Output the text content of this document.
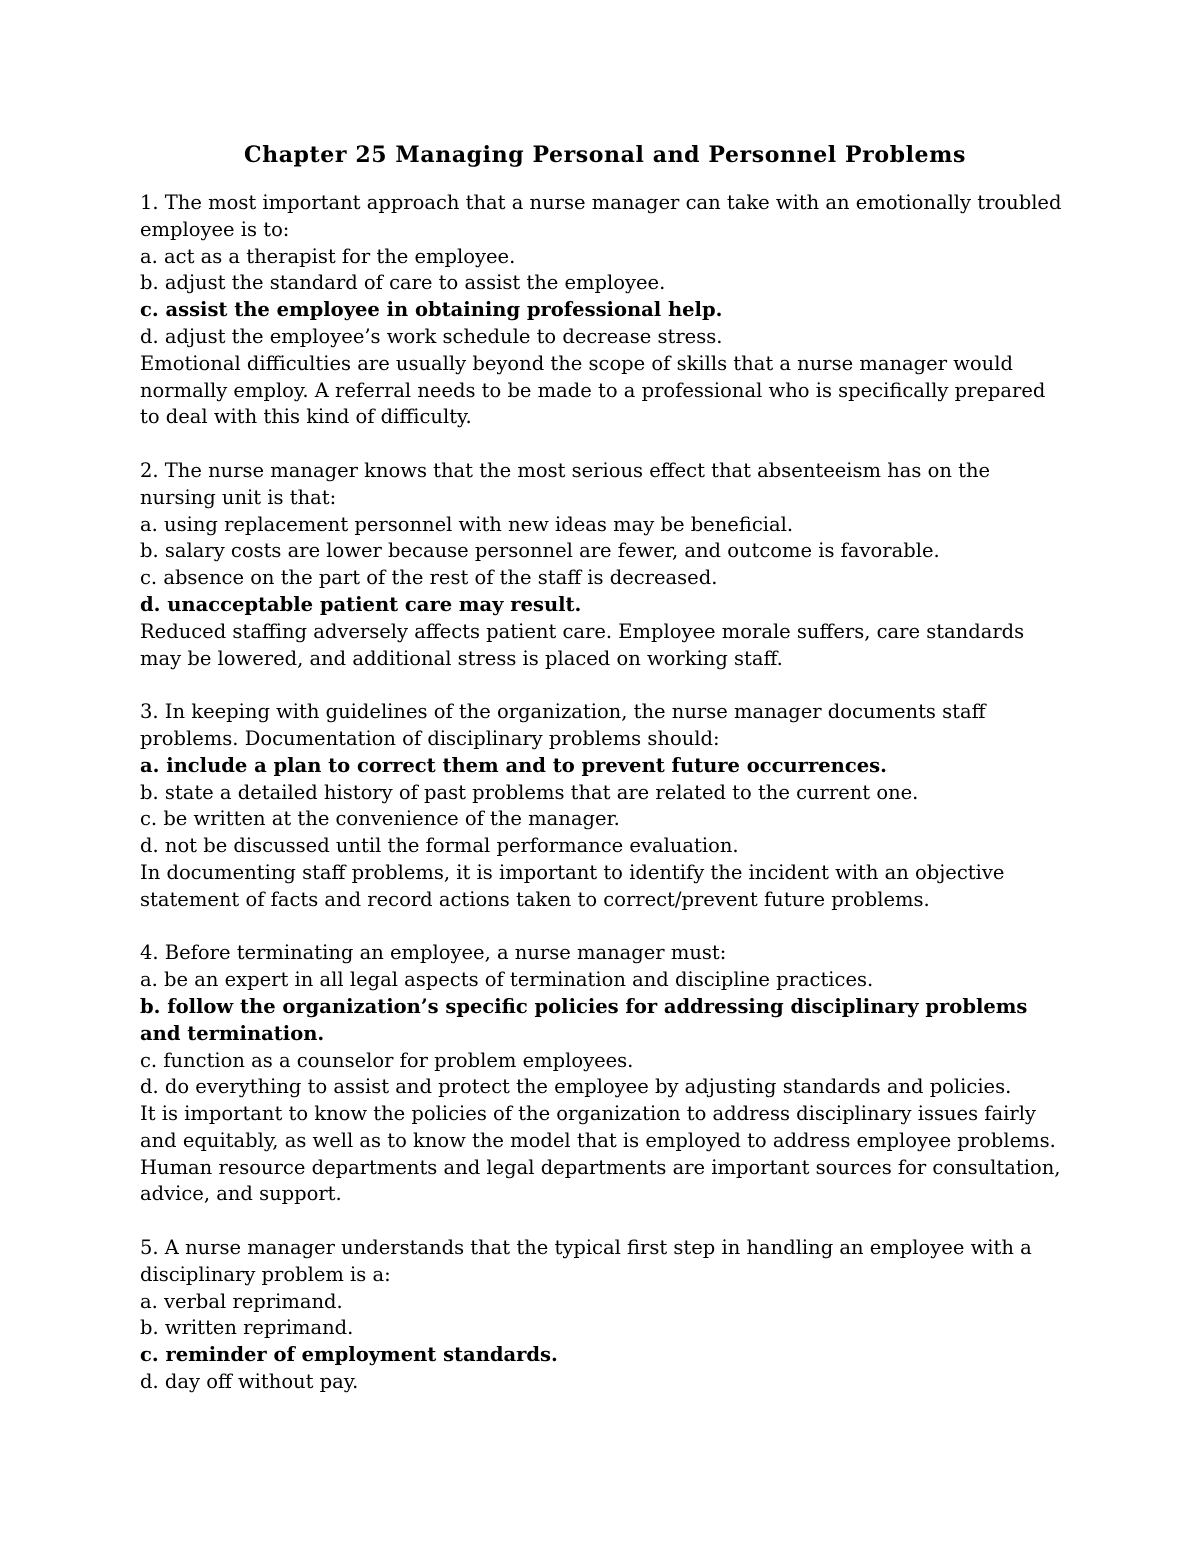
Chapter 25 Managing Personal and Personnel Problems
1. The most important approach that a nurse manager can take with an emotionally troubled employee is to:
a. act as a therapist for the employee.
b. adjust the standard of care to assist the employee.
c. assist the employee in obtaining professional help.
d. adjust the employee’s work schedule to decrease stress.
Emotional difficulties are usually beyond the scope of skills that a nurse manager would normally employ. A referral needs to be made to a professional who is specifically prepared to deal with this kind of difficulty.
2. The nurse manager knows that the most serious effect that absenteeism has on the nursing unit is that:
a. using replacement personnel with new ideas may be beneficial.
b. salary costs are lower because personnel are fewer, and outcome is favorable.
c. absence on the part of the rest of the staff is decreased.
d. unacceptable patient care may result.
Reduced staffing adversely affects patient care. Employee morale suffers, care standards may be lowered, and additional stress is placed on working staff.
3. In keeping with guidelines of the organization, the nurse manager documents staff problems. Documentation of disciplinary problems should:
a. include a plan to correct them and to prevent future occurrences.
b. state a detailed history of past problems that are related to the current one.
c. be written at the convenience of the manager.
d. not be discussed until the formal performance evaluation.
In documenting staff problems, it is important to identify the incident with an objective statement of facts and record actions taken to correct/prevent future problems.
4. Before terminating an employee, a nurse manager must:
a. be an expert in all legal aspects of termination and discipline practices.
b. follow the organization’s specific policies for addressing disciplinary problems and termination.
c. function as a counselor for problem employees.
d. do everything to assist and protect the employee by adjusting standards and policies.
It is important to know the policies of the organization to address disciplinary issues fairly and equitably, as well as to know the model that is employed to address employee problems. Human resource departments and legal departments are important sources for consultation, advice, and support.
5. A nurse manager understands that the typical first step in handling an employee with a disciplinary problem is a:
a. verbal reprimand.
b. written reprimand.
c. reminder of employment standards.
d. day off without pay.
